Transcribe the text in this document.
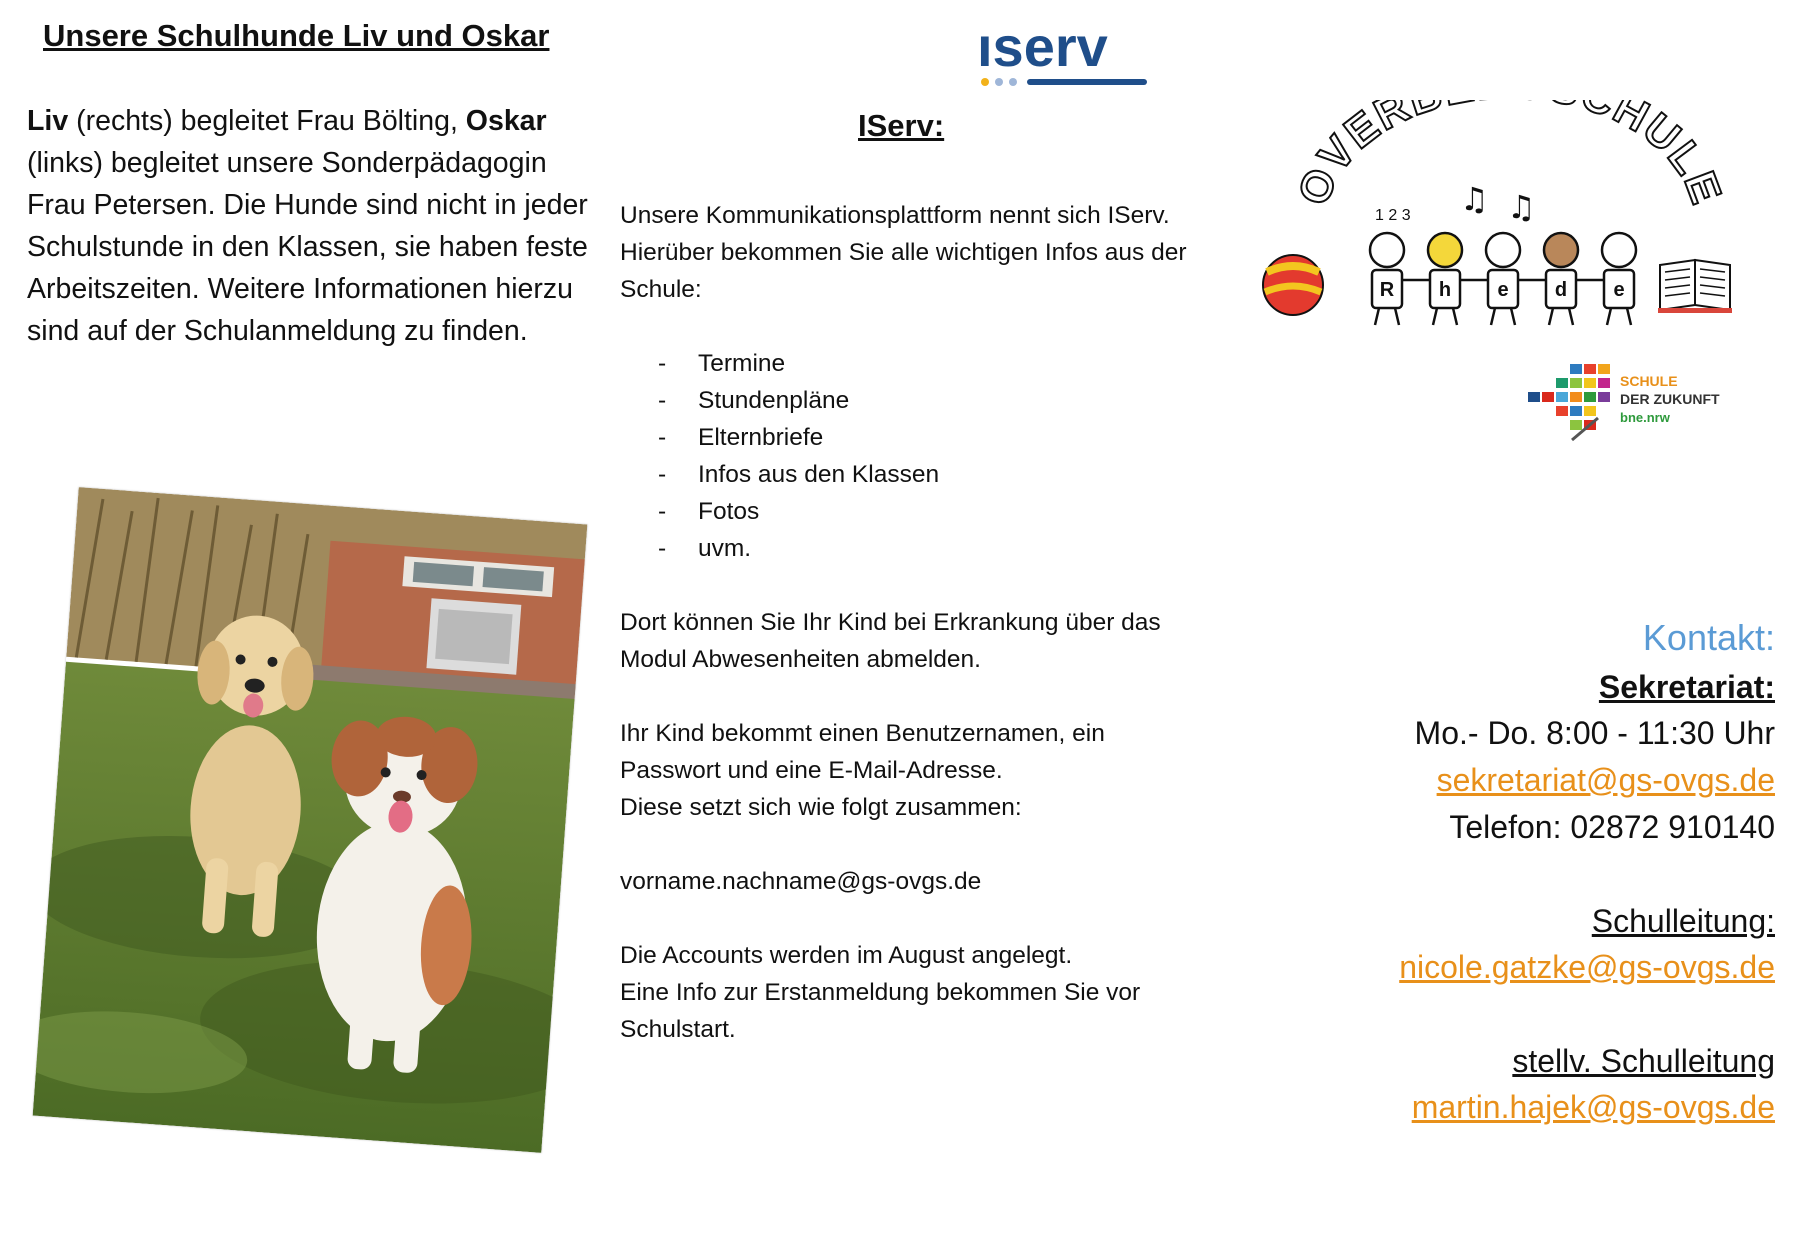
Unsere Schulhunde Liv und Oskar

Liv (rechts) begleitet Frau Bölting, Oskar (links) begleitet unsere Sonderpädagogin Frau Petersen. Die Hunde sind nicht in jeder Schulstunde in den Klassen, sie haben feste Arbeitszeiten. Weitere Informationen hierzu sind auf der Schulanmeldung zu finden.

ıserv
IServ:

Unsere Kommunikationsplattform nennt sich IServ.

Hierüber bekommen Sie alle wichtigen Infos aus der Schule:

- Termine
- Stundenpläne
- Elternbriefe
- Infos aus den Klassen
- Fotos
- uvm.

Dort können Sie Ihr Kind bei Erkrankung über das Modul Abwesenheiten abmelden.

Ihr Kind bekommt einen Benutzernamen, ein Passwort und eine E-Mail-Adresse.

Diese setzt sich wie folgt zusammen:

vorname.nachname@gs-ovgs.de

Die Accounts werden im August angelegt.

Eine Info zur Erstanmeldung bekommen Sie vor Schulstart.

OVER HULE
♫ ♫
1 2 3
R h e d e
SCHULE
DER ZUKUNFT
bne.nrw
Kontakt:
Sekretariat:
Mo.- Do. 8:00 - 11:30 Uhr
sekretariat@gs-ovgs.de
Telefon: 02872 910140
Schulleitung:
nicole.gatzke@gs-ovgs.de
stellv. Schulleitung
martin.hajek@gs-ovgs.de
